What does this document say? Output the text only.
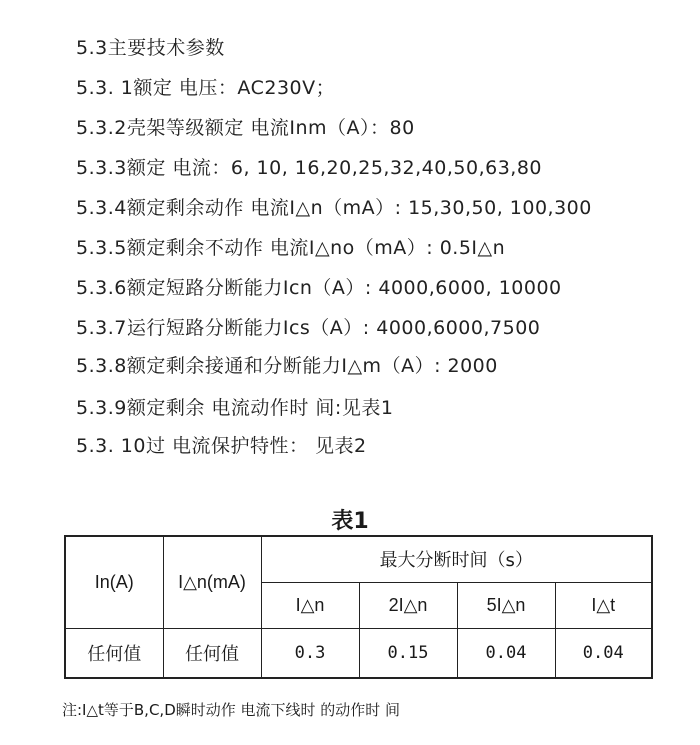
5.3主要技术参数
5.3. 1额定 电压：AC230V；
5.3.2壳架等级额定 电流Inm（A）：80
5.3.3额定 电流：6, 10, 16,20,25,32,40,50,63,80
5.3.4额定剩余动作 电流I△n（mA）: 15,30,50, 100,300
5.3.5额定剩余不动作 电流I△no（mA）: 0.5I△n
5.3.6额定短路分断能力Icn（A）: 4000,6000, 10000
5.3.7运行短路分断能力Ics（A）: 4000,6000,7500
5.3.8额定剩余接通和分断能力I△m（A）: 2000
5.3.9额定剩余 电流动作时 间:见表1
5.3. 10过 电流保护特性： 见表2
表1
In(A)	I△n(mA)	最大分断时间（s）			
		I△n	2I△n	5I△n	I△t
任何值	任何值	0.3	0.15	0.04	0.04
注:I△t等于B,C,D瞬时动作 电流下线时 的动作时 间
